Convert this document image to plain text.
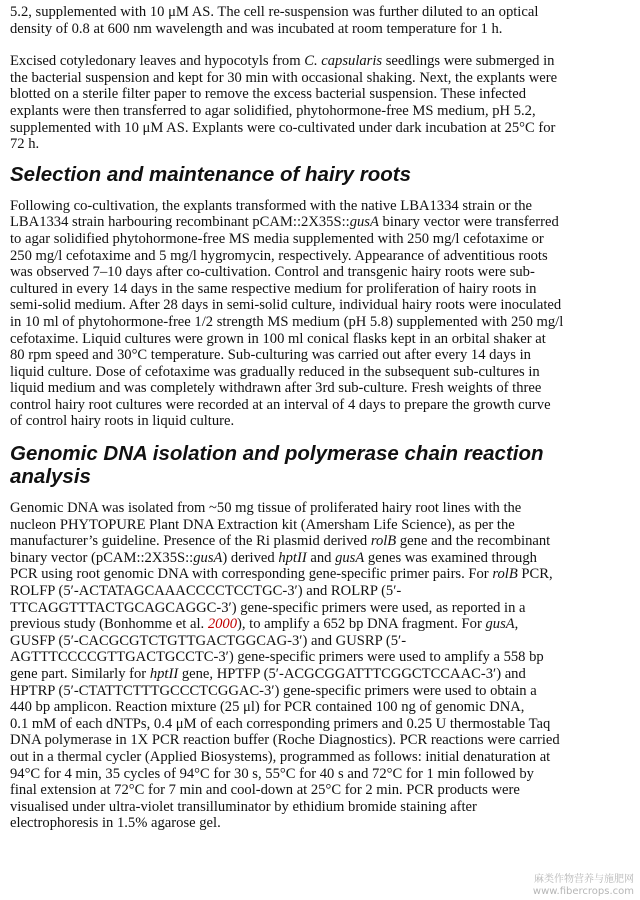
5.2, supplemented with 10 μM AS. The cell re-suspension was further diluted to an optical
density of 0.8 at 600 nm wavelength and was incubated at room temperature for 1 h.

Excised cotyledonary leaves and hypocotyls from C. capsularis seedlings were submerged in
the bacterial suspension and kept for 30 min with occasional shaking. Next, the explants were
blotted on a sterile filter paper to remove the excess bacterial suspension. These infected
explants were then transferred to agar solidified, phytohormone-free MS medium, pH 5.2,
supplemented with 10 μM AS. Explants were co-cultivated under dark incubation at 25°C for
72 h.

Selection and maintenance of hairy roots

Following co-cultivation, the explants transformed with the native LBA1334 strain or the
LBA1334 strain harbouring recombinant pCAM::2X35S::gusA binary vector were transferred
to agar solidified phytohormone-free MS media supplemented with 250 mg/l cefotaxime or
250 mg/l cefotaxime and 5 mg/l hygromycin, respectively. Appearance of adventitious roots
was observed 7–10 days after co-cultivation. Control and transgenic hairy roots were sub-
cultured in every 14 days in the same respective medium for proliferation of hairy roots in
semi-solid medium. After 28 days in semi-solid culture, individual hairy roots were inoculated
in 10 ml of phytohormone-free 1/2 strength MS medium (pH 5.8) supplemented with 250 mg/l
cefotaxime. Liquid cultures were grown in 100 ml conical flasks kept in an orbital shaker at
80 rpm speed and 30°C temperature. Sub-culturing was carried out after every 14 days in
liquid culture. Dose of cefotaxime was gradually reduced in the subsequent sub-cultures in
liquid medium and was completely withdrawn after 3rd sub-culture. Fresh weights of three
control hairy root cultures were recorded at an interval of 4 days to prepare the growth curve
of control hairy roots in liquid culture.

Genomic DNA isolation and polymerase chain reaction
analysis

Genomic DNA was isolated from ~50 mg tissue of proliferated hairy root lines with the
nucleon PHYTOPURE Plant DNA Extraction kit (Amersham Life Science), as per the
manufacturer’s guideline. Presence of the Ri plasmid derived rolB gene and the recombinant
binary vector (pCAM::2X35S::gusA) derived hptII and gusA genes was examined through
PCR using root genomic DNA with corresponding gene-specific primer pairs. For rolB PCR,
ROLFP (5′-ACTATAGCAAACCCCTCCTGC-3′) and ROLRP (5′-
TTCAGGTTTACTGCAGCAGGC-3′) gene-specific primers were used, as reported in a
previous study (Bonhomme et al. 2000), to amplify a 652 bp DNA fragment. For gusA,
GUSFP (5′-CACGCGTCTGTTGACTGGCAG-3′) and GUSRP (5′-
AGTTTCCCCGTTGACTGCCTC-3′) gene-specific primers were used to amplify a 558 bp
gene part. Similarly for hptII gene, HPTFP (5′-ACGCGGATTTCGGCTCCAAC-3′) and
HPTRP (5′-CTATTCTTTGCCCTCGGAC-3′) gene-specific primers were used to obtain a
440 bp amplicon. Reaction mixture (25 μl) for PCR contained 100 ng of genomic DNA,
0.1 mM of each dNTPs, 0.4 μM of each corresponding primers and 0.25 U thermostable Taq
DNA polymerase in 1X PCR reaction buffer (Roche Diagnostics). PCR reactions were carried
out in a thermal cycler (Applied Biosystems), programmed as follows: initial denaturation at
94°C for 4 min, 35 cycles of 94°C for 30 s, 55°C for 40 s and 72°C for 1 min followed by
final extension at 72°C for 7 min and cool-down at 25°C for 2 min. PCR products were
visualised under ultra-violet transilluminator by ethidium bromide staining after
electrophoresis in 1.5% agarose gel.

麻类作物营养与施肥网
www.fibercrops.com
